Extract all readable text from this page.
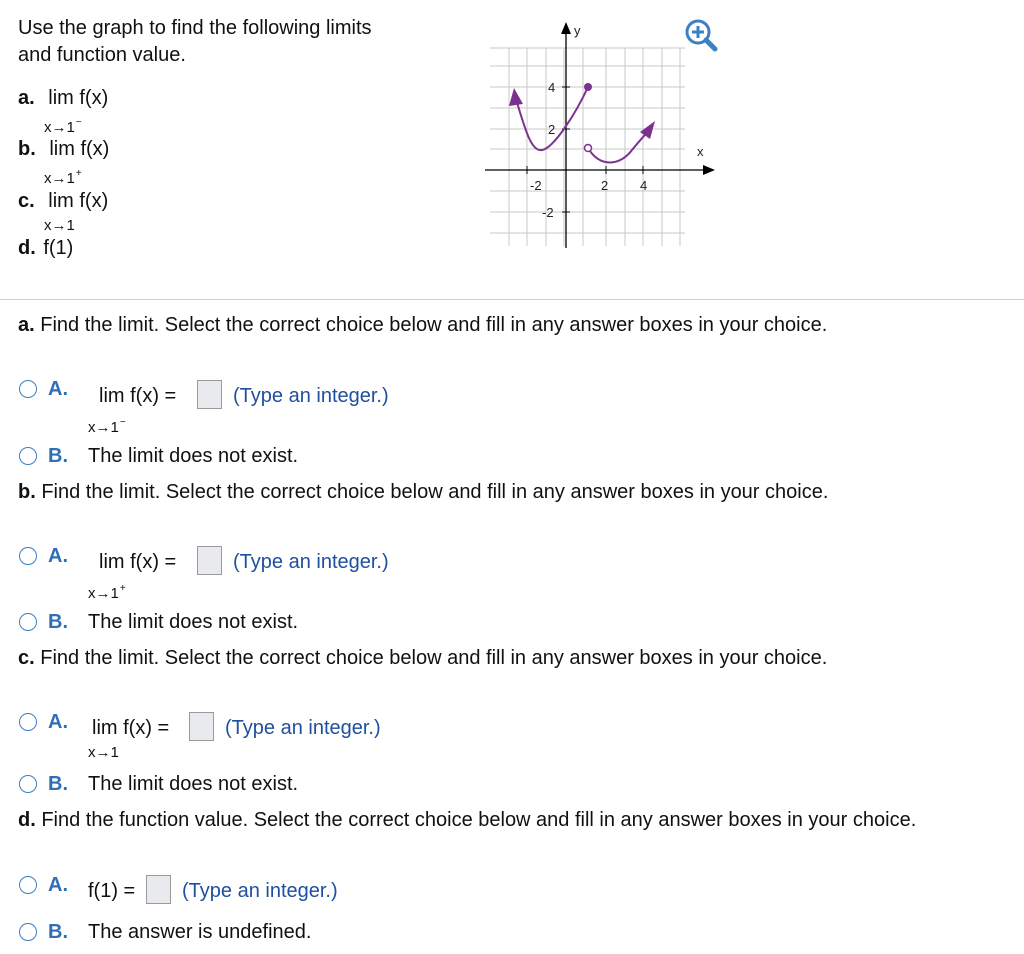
Use the graph to find the following limits
and function value.
a. lim f(x)
x→1−
b. lim f(x)
x→1+
c. lim f(x)
x→1
d. f(1)
-2	2 4
4
2
-2
x
y
a. Find the limit. Select the correct choice below and fill in any answer boxes in your choice.
A. lim f(x) =	(Type an integer.)
x→1−
B. The limit does not exist.
b. Find the limit. Select the correct choice below and fill in any answer boxes in your choice.
A. lim f(x) =	(Type an integer.)
x→1+
B. The limit does not exist.
c. Find the limit. Select the correct choice below and fill in any answer boxes in your choice.
A. lim f(x) =	(Type an integer.)
x→1
B. The limit does not exist.
d. Find the function value. Select the correct choice below and fill in any answer boxes in your choice.
A. f(1) = (Type an integer.)
B. The answer is undefined.
